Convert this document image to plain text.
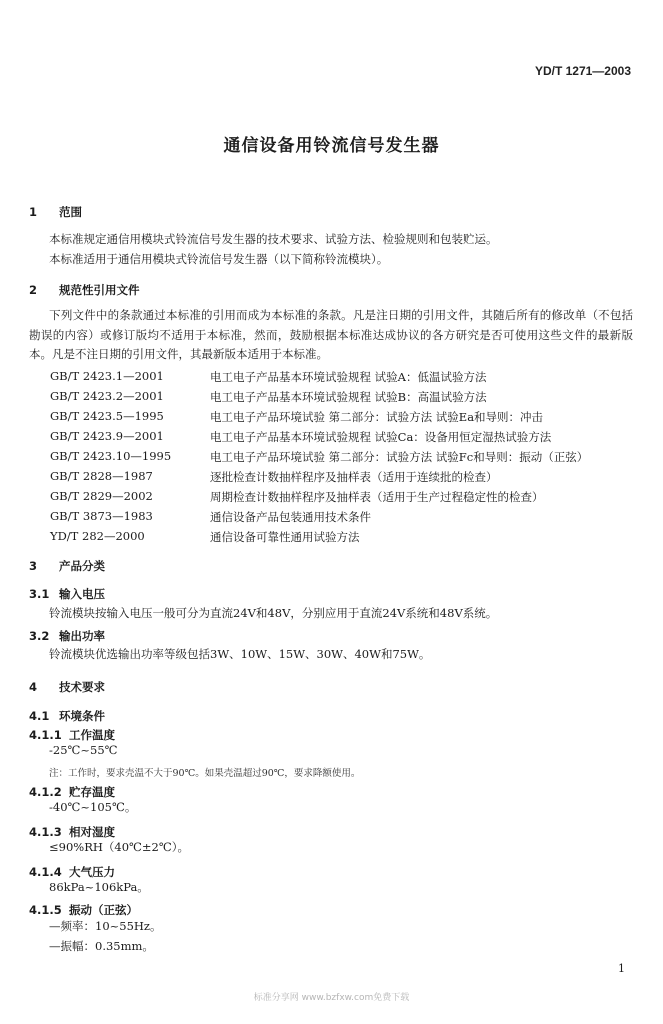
YD/T 1271—2003
通信设备用铃流信号发生器
1 范围
本标准规定通信用模块式铃流信号发生器的技术要求、试验方法、检验规则和包装贮运。
本标准适用于通信用模块式铃流信号发生器（以下简称铃流模块）。
2 规范性引用文件
下列文件中的条款通过本标准的引用而成为本标准的条款。凡是注日期的引用文件，其随后所有的修改单（不包括勘误的内容）或修订版均不适用于本标准，然而，鼓励根据本标准达成协议的各方研究是否可使用这些文件的最新版本。凡是不注日期的引用文件，其最新版本适用于本标准。
GB/T 2423.1—2001	电工电子产品基本环境试验规程 试验A：低温试验方法
GB/T 2423.2—2001	电工电子产品基本环境试验规程 试验B：高温试验方法
GB/T 2423.5—1995	电工电子产品环境试验 第二部分：试验方法 试验Ea和导则：冲击
GB/T 2423.9—2001	电工电子产品基本环境试验规程 试验Ca：设备用恒定湿热试验方法
GB/T 2423.10—1995	电工电子产品环境试验 第二部分：试验方法 试验Fc和导则：振动（正弦）
GB/T 2828—1987	逐批检查计数抽样程序及抽样表（适用于连续批的检查）
GB/T 2829—2002	周期检查计数抽样程序及抽样表（适用于生产过程稳定性的检查）
GB/T 3873—1983	通信设备产品包装通用技术条件
YD/T 282—2000	通信设备可靠性通用试验方法
3 产品分类
3.1 输入电压
铃流模块按输入电压一般可分为直流24V和48V，分别应用于直流24V系统和48V系统。
3.2 输出功率
铃流模块优选输出功率等级包括3W、10W、15W、30W、40W和75W。
4 技术要求
4.1 环境条件
4.1.1 工作温度
-25℃~55℃
注：工作时，要求壳温不大于90℃。如果壳温超过90℃，要求降额使用。
4.1.2 贮存温度
-40℃~105℃。
4.1.3 相对湿度
≤90%RH（40℃±2℃）。
4.1.4 大气压力
86kPa~106kPa。
4.1.5 振动（正弦）
—频率：10~55Hz。
—振幅：0.35mm。
1
标准分享网 www.bzfxw.com免费下载
